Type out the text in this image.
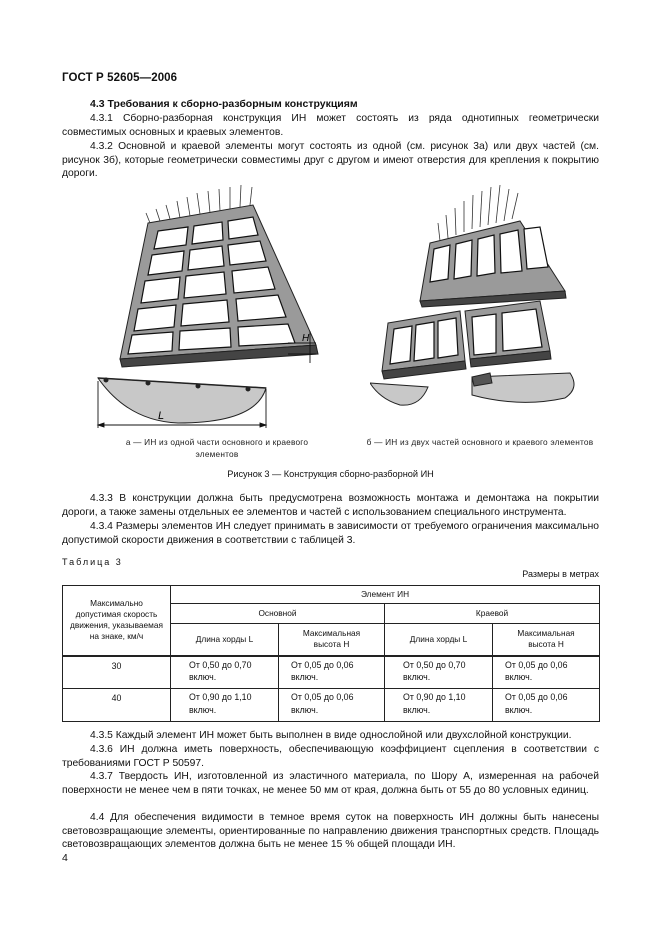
ГОСТ Р 52605—2006
4.3 Требования к сборно-разборным конструкциям
4.3.1 Сборно-разборная конструкция ИН может состоять из ряда однотипных геометрически совместимых основных и краевых элементов.
4.3.2 Основной и краевой элементы могут состоять из одной (см. рисунок 3а) или двух частей (см. рисунок 3б), которые геометрически совместимы друг с другом и имеют отверстия для крепления к покрытию дороги.
H
L
а — ИН из одной части основного и краевого элементов
б — ИН из двух частей основного и краевого элементов
Рисунок 3 — Конструкция сборно-разборной ИН
4.3.3 В конструкции должна быть предусмотрена возможность монтажа и демонтажа на покрытии дороги, а также замены отдельных ее элементов и частей с использованием специального инструмента.
4.3.4 Размеры элементов ИН следует принимать в зависимости от требуемого ограничения максимально допустимой скорости движения в соответствии с таблицей 3.
Таблица 3
Размеры в метрах
Максимально допустимая скорость движения, указываемая на знаке, км/ч	Элемент ИН			
	Основной		Краевой	
	Длина хорды L	Максимальная высота H	Длина хорды L	Максимальная высота H
30	От 0,50 до 0,70 включ.	От 0,05 до 0,06 включ.	От 0,50 до 0,70 включ.	От 0,05 до 0,06 включ.
40	От 0,90 до 1,10 включ.	От 0,05 до 0,06 включ.	От 0,90 до 1,10 включ.	От 0,05 до 0,06 включ.
4.3.5 Каждый элемент ИН может быть выполнен в виде однослойной или двухслойной конструкции.
4.3.6 ИН должна иметь поверхность, обеспечивающую коэффициент сцепления в соответствии с требованиями ГОСТ Р 50597.
4.3.7 Твердость ИН, изготовленной из эластичного материала, по Шору А, измеренная на рабочей поверхности не менее чем в пяти точках, не менее 50 мм от края, должна быть от 55 до 80 условных единиц.
4.4 Для обеспечения видимости в темное время суток на поверхность ИН должны быть нанесены световозвращающие элементы, ориентированные по направлению движения транспортных средств. Площадь световозвращающих элементов должна быть не менее 15 % общей площади ИН.
4
